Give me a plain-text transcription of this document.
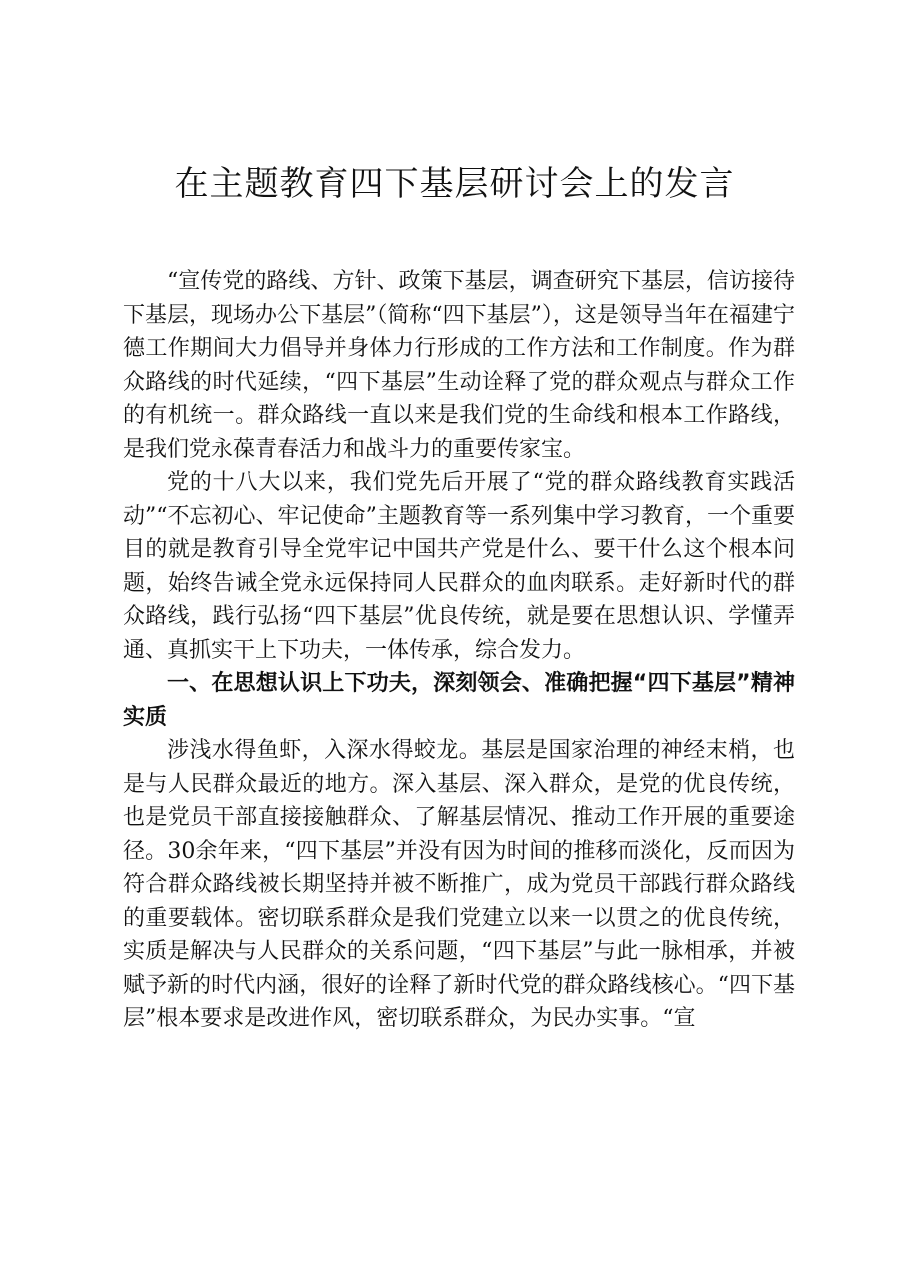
在主题教育四下基层研讨会上的发言

“宣传党的路线、方针、政策下基层，调查研究下基层，信访接待下基层，现场办公下基层”（简称“四下基层”），这是领导当年在福建宁德工作期间大力倡导并身体力行形成的工作方法和工作制度。作为群众路线的时代延续，“四下基层”生动诠释了党的群众观点与群众工作的有机统一。群众路线一直以来是我们党的生命线和根本工作路线，是我们党永葆青春活力和战斗力的重要传家宝。

党的十八大以来，我们党先后开展了“党的群众路线教育实践活动”“不忘初心、牢记使命”主题教育等一系列集中学习教育，一个重要目的就是教育引导全党牢记中国共产党是什么、要干什么这个根本问题，始终告诫全党永远保持同人民群众的血肉联系。走好新时代的群众路线，践行弘扬“四下基层”优良传统，就是要在思想认识、学懂弄通、真抓实干上下功夫，一体传承，综合发力。

一、在思想认识上下功夫，深刻领会、准确把握“四下基层”精神实质

涉浅水得鱼虾，入深水得蛟龙。基层是国家治理的神经末梢，也是与人民群众最近的地方。深入基层、深入群众，是党的优良传统，也是党员干部直接接触群众、了解基层情况、推动工作开展的重要途径。30余年来，“四下基层”并没有因为时间的推移而淡化，反而因为符合群众路线被长期坚持并被不断推广，成为党员干部践行群众路线的重要载体。密切联系群众是我们党建立以来一以贯之的优良传统，实质是解决与人民群众的关系问题，“四下基层”与此一脉相承，并被赋予新的时代内涵，很好的诠释了新时代党的群众路线核心。“四下基层”根本要求是改进作风，密切联系群众，为民办实事。“宣
